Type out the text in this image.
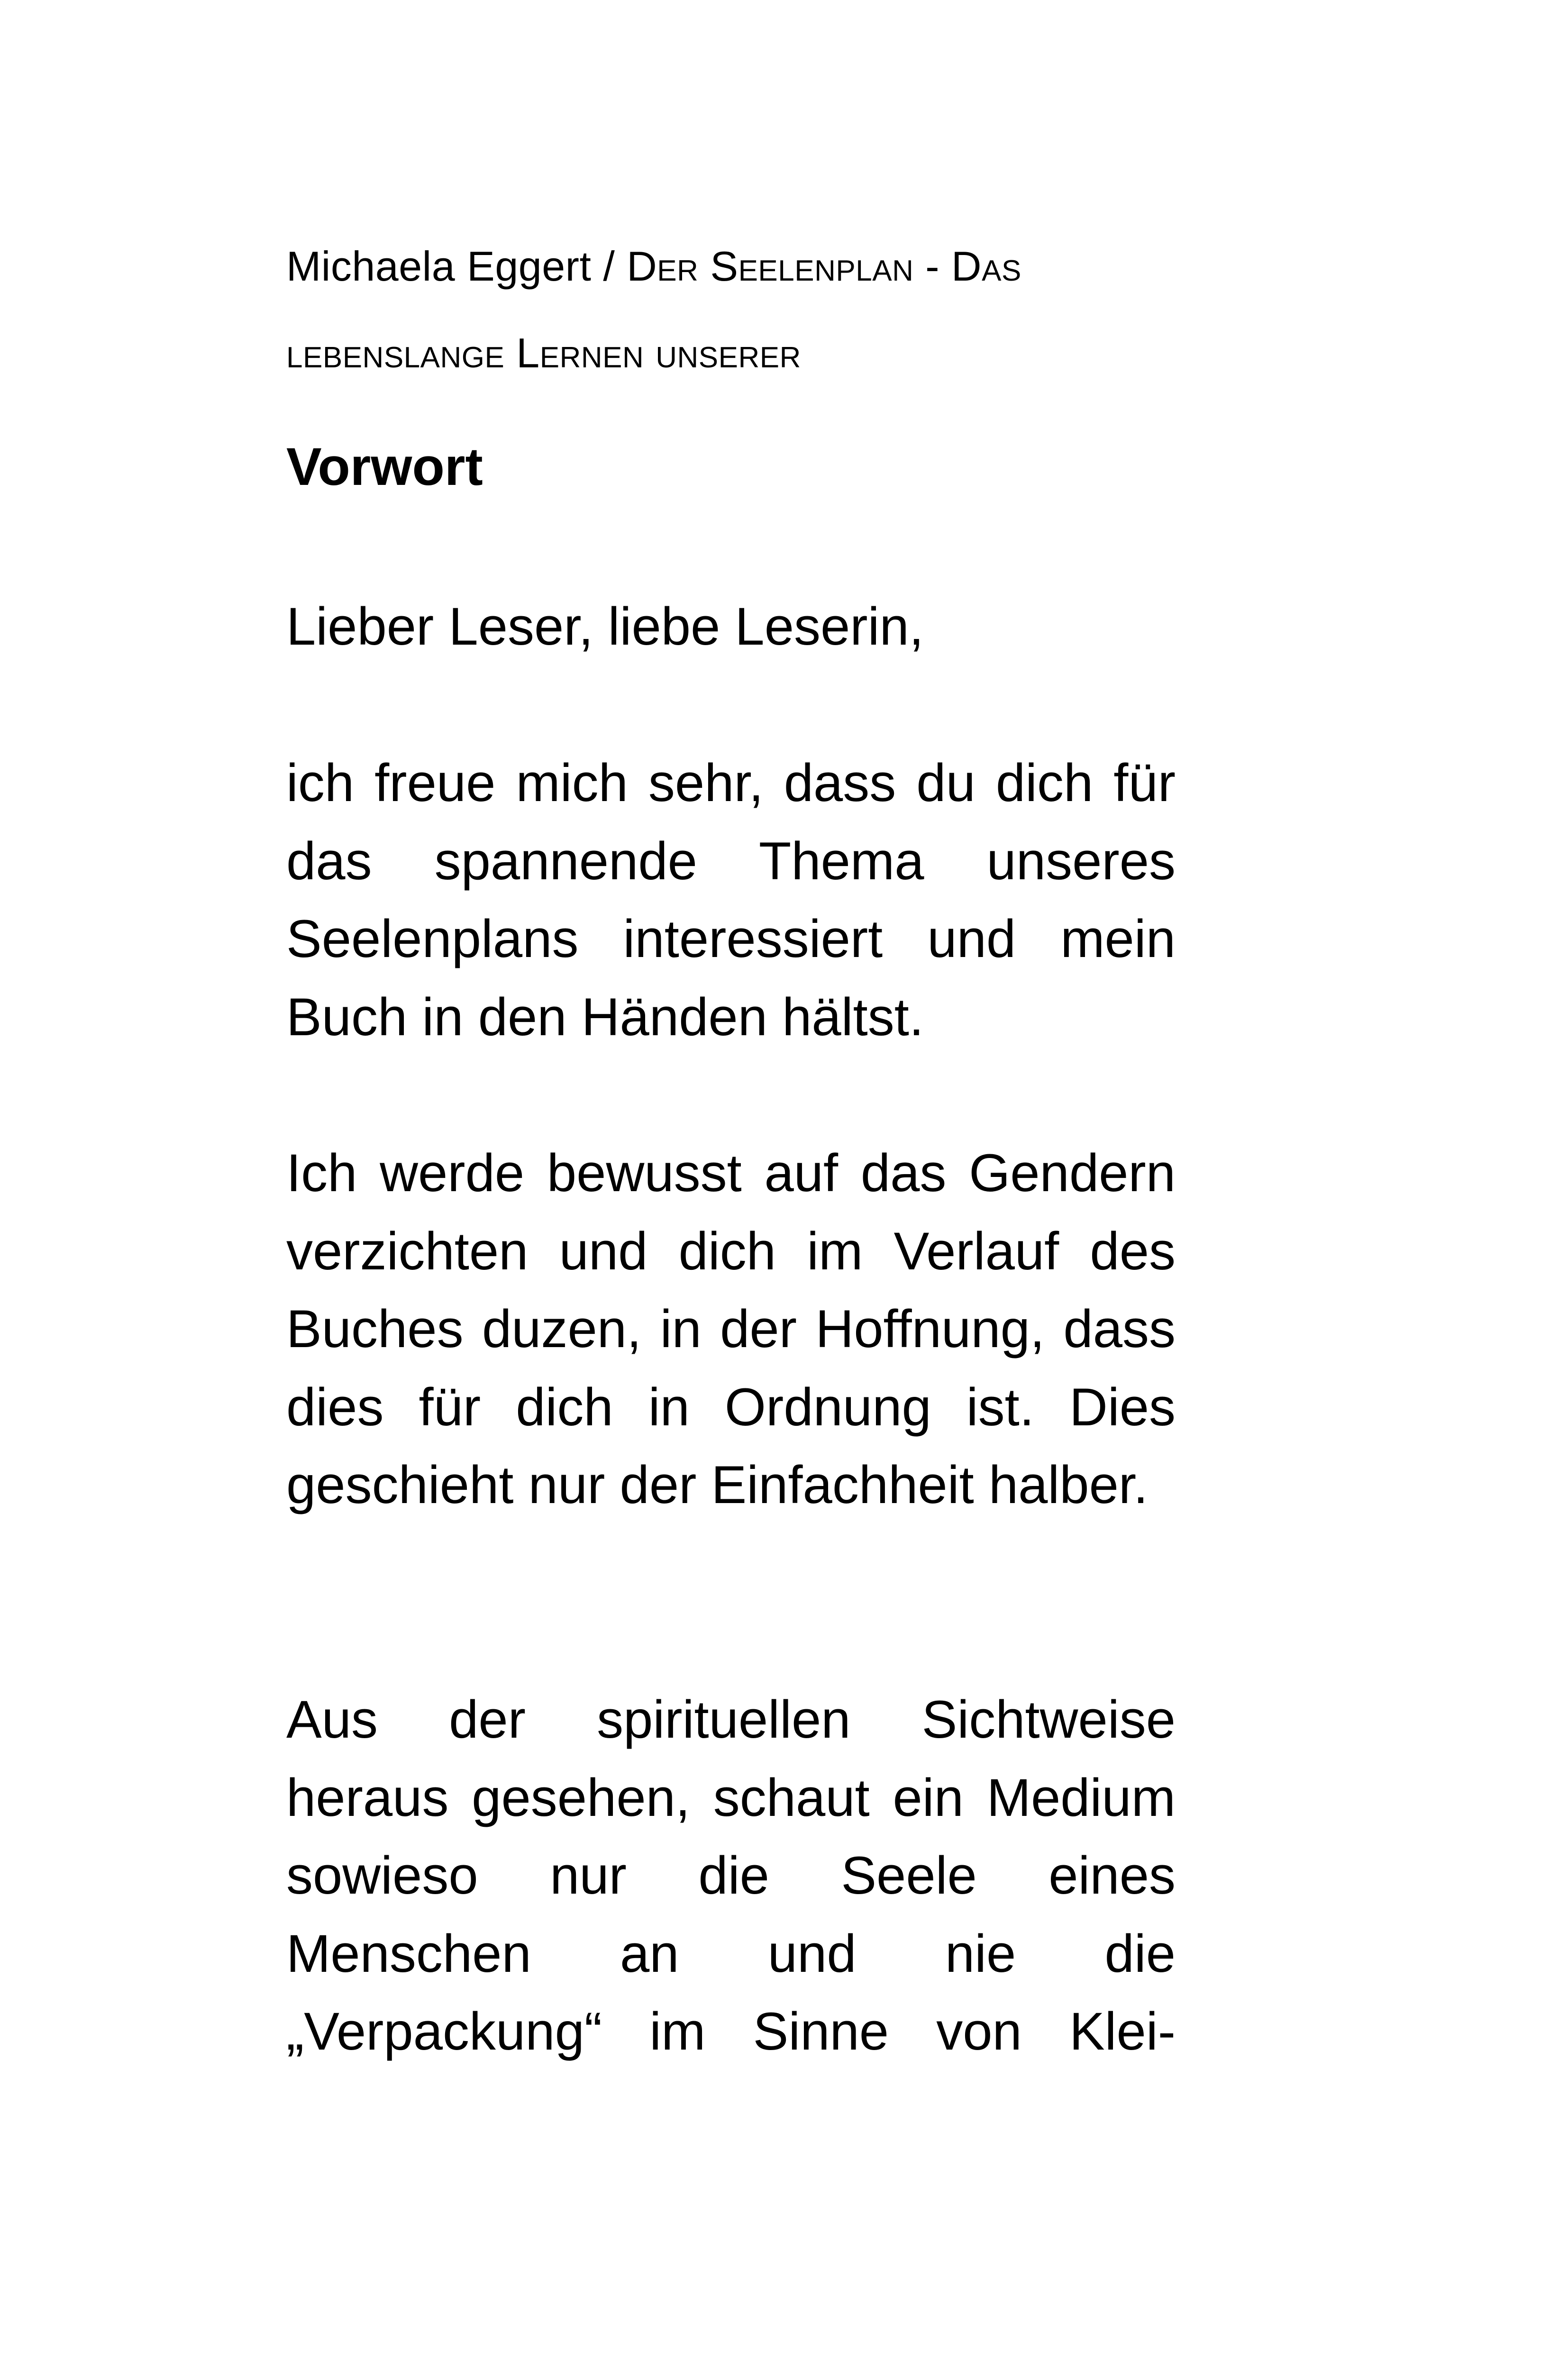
Michaela Eggert / Der Seelenplan - Das
lebenslange Lernen unserer
Vorwort

Lieber Leser, liebe Leserin,

ich freue mich sehr, dass du dich für das spannende Thema unseres Seelenplans interessiert und mein Buch in den Händen hältst.

Ich werde bewusst auf das Gendern verzichten und dich im Verlauf des Buches duzen, in der Hoffnung, dass dies für dich in Ordnung ist. Dies geschieht nur der Einfachheit halber.

Aus der spirituellen Sichtweise heraus gesehen, schaut ein Medium sowieso nur die Seele eines Menschen an und nie die „Verpackung“ im Sinne von Klei-
